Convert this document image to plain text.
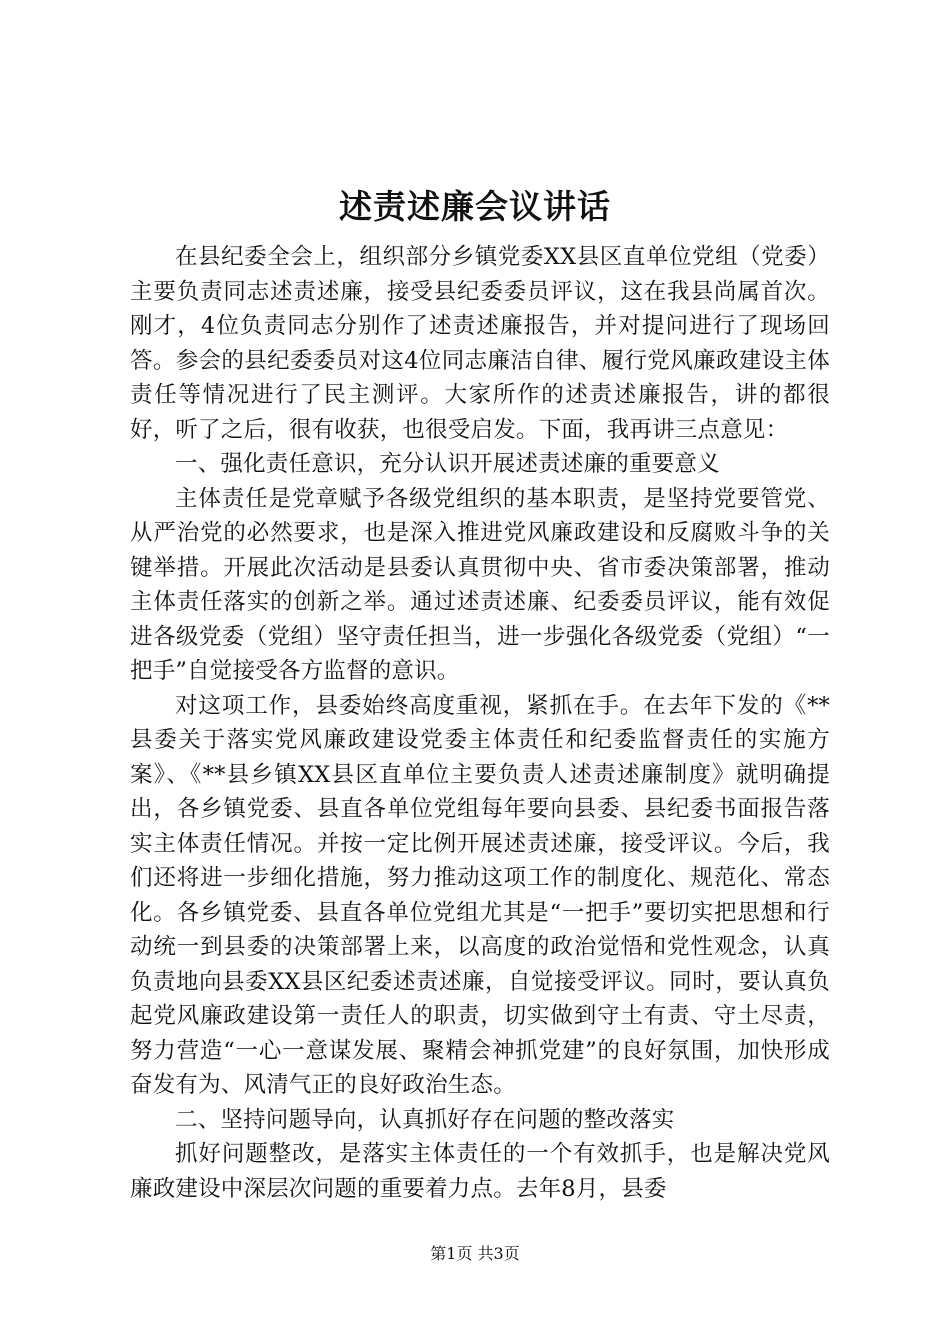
述责述廉会议讲话

在县纪委全会上，组织部分乡镇党委XX县区直单位党组（党委）主要负责同志述责述廉，接受县纪委委员评议，这在我县尚属首次。刚才，4位负责同志分别作了述责述廉报告，并对提问进行了现场回答。参会的县纪委委员对这4位同志廉洁自律、履行党风廉政建设主体责任等情况进行了民主测评。大家所作的述责述廉报告，讲的都很好，听了之后，很有收获，也很受启发。下面，我再讲三点意见：

一、强化责任意识，充分认识开展述责述廉的重要意义

主体责任是党章赋予各级党组织的基本职责，是坚持党要管党、从严治党的必然要求，也是深入推进党风廉政建设和反腐败斗争的关键举措。开展此次活动是县委认真贯彻中央、省市委决策部署，推动主体责任落实的创新之举。通过述责述廉、纪委委员评议，能有效促进各级党委（党组）坚守责任担当，进一步强化各级党委（党组）“一把手”自觉接受各方监督的意识。

对这项工作，县委始终高度重视，紧抓在手。在去年下发的《**县委关于落实党风廉政建设党委主体责任和纪委监督责任的实施方案》、《**县乡镇XX县区直单位主要负责人述责述廉制度》就明确提出，各乡镇党委、县直各单位党组每年要向县委、县纪委书面报告落实主体责任情况。并按一定比例开展述责述廉，接受评议。今后，我们还将进一步细化措施，努力推动这项工作的制度化、规范化、常态化。各乡镇党委、县直各单位党组尤其是“一把手”要切实把思想和行动统一到县委的决策部署上来，以高度的政治觉悟和党性观念，认真负责地向县委XX县区纪委述责述廉，自觉接受评议。同时，要认真负起党风廉政建设第一责任人的职责，切实做到守土有责、守土尽责，努力营造“一心一意谋发展、聚精会神抓党建”的良好氛围，加快形成奋发有为、风清气正的良好政治生态。

二、坚持问题导向，认真抓好存在问题的整改落实

抓好问题整改，是落实主体责任的一个有效抓手，也是解决党风廉政建设中深层次问题的重要着力点。去年8月，县委

第1页 共3页
